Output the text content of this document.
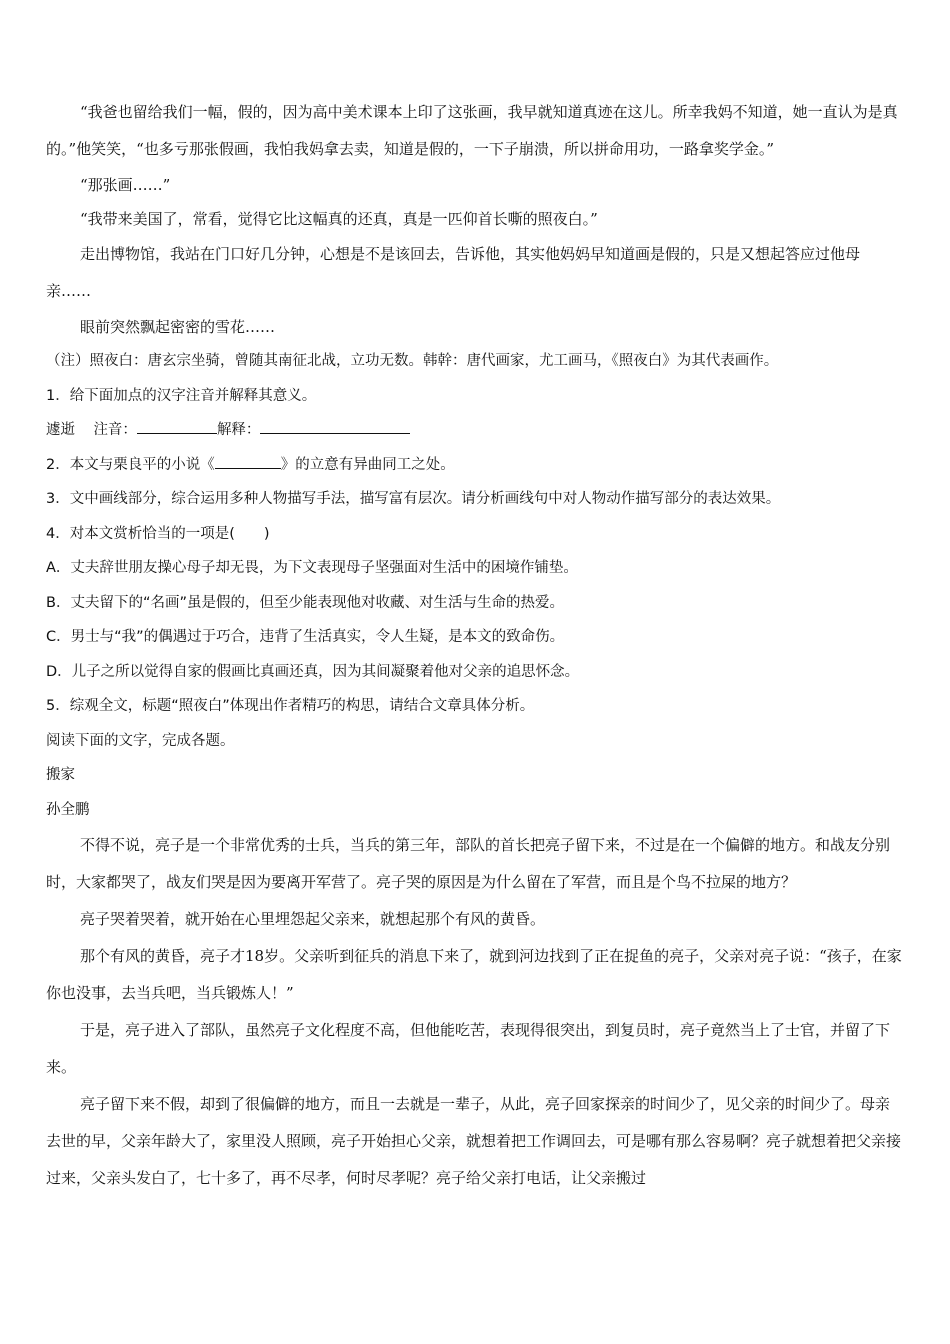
“我爸也留给我们一幅，假的，因为高中美术课本上印了这张画，我早就知道真迹在这儿。所幸我妈不知道，她一直认为是真的。”他笑笑，“也多亏那张假画，我怕我妈拿去卖，知道是假的，一下子崩溃，所以拼命用功，一路拿奖学金。”

“那张画……”

“我带来美国了，常看，觉得它比这幅真的还真，真是一匹仰首长嘶的照夜白。”

走出博物馆，我站在门口好几分钟，心想是不是该回去，告诉他，其实他妈妈早知道画是假的，只是又想起答应过他母亲……

眼前突然飘起密密的雪花……

（注）照夜白：唐玄宗坐骑，曾随其南征北战，立功无数。韩幹：唐代画家，尤工画马，《照夜白》为其代表画作。

1．给下面加点的汉字注音并解释其意义。

遽逝 注音：	解释：

2．本文与栗良平的小说《	》的立意有异曲同工之处。

3．文中画线部分，综合运用多种人物描写手法，描写富有层次。请分析画线句中对人物动作描写部分的表达效果。

4．对本文赏析恰当的一项是(　　)

A．丈夫辞世朋友操心母子却无畏，为下文表现母子坚强面对生活中的困境作铺垫。

B．丈夫留下的“名画”虽是假的，但至少能表现他对收藏、对生活与生命的热爱。

C．男士与“我”的偶遇过于巧合，违背了生活真实，令人生疑，是本文的致命伤。

D．儿子之所以觉得自家的假画比真画还真，因为其间凝聚着他对父亲的追思怀念。

5．综观全文，标题“照夜白”体现出作者精巧的构思，请结合文章具体分析。

阅读下面的文字，完成各题。

搬家

孙全鹏

不得不说，亮子是一个非常优秀的士兵，当兵的第三年，部队的首长把亮子留下来，不过是在一个偏僻的地方。和战友分别时，大家都哭了，战友们哭是因为要离开军营了。亮子哭的原因是为什么留在了军营，而且是个鸟不拉屎的地方？

亮子哭着哭着，就开始在心里埋怨起父亲来，就想起那个有风的黄昏。

那个有风的黄昏，亮子才18岁。父亲听到征兵的消息下来了，就到河边找到了正在捉鱼的亮子，父亲对亮子说：“孩子，在家你也没事，去当兵吧，当兵锻炼人！”

于是，亮子进入了部队，虽然亮子文化程度不高，但他能吃苦，表现得很突出，到复员时，亮子竟然当上了士官，并留了下来。

亮子留下来不假，却到了很偏僻的地方，而且一去就是一辈子，从此，亮子回家探亲的时间少了，见父亲的时间少了。母亲去世的早，父亲年龄大了，家里没人照顾，亮子开始担心父亲，就想着把工作调回去，可是哪有那么容易啊？亮子就想着把父亲接过来，父亲头发白了，七十多了，再不尽孝，何时尽孝呢？亮子给父亲打电话，让父亲搬过
